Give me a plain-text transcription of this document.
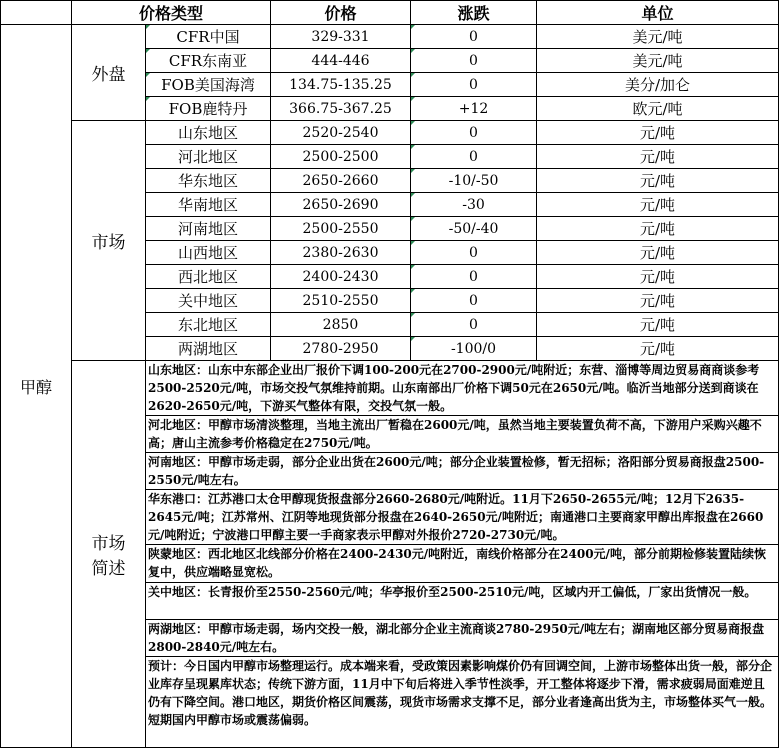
	价格类型		价格	涨跌	单位
甲醇	外盘	CFR中国	329-331	0	美元/吨
		CFR东南亚	444-446	0	美元/吨
		FOB美国海湾	134.75-135.25	0	美分/加仑
		FOB鹿特丹	366.75-367.25	+12	欧元/吨
	市场	山东地区	2520-2540	0	元/吨
		河北地区	2500-2500	0	元/吨
		华东地区	2650-2660	-10/-50	元/吨
		华南地区	2650-2690	-30	元/吨
		河南地区	2500-2550	-50/-40	元/吨
		山西地区	2380-2630	0	元/吨
		西北地区	2400-2430	0	元/吨
		关中地区	2510-2550	0	元/吨
		东北地区	2850	0	元/吨
		两湖地区	2780-2950	-100/0	元/吨
	市场
简述	山东地区：山东中东部企业出厂报价下调100-200元在2700-2900元/吨附近；东营、淄博等周边贸易商商谈参考2500-2520元/吨，市场交投气氛维持前期。山东南部出厂价格下调50元在2650元/吨。临沂当地部分送到商谈在2620-2650元/吨，下游买气整体有限，交投气氛一般。			
		河北地区：甲醇市场清淡整理，当地主流出厂暂稳在2600元/吨，虽然当地主要装置负荷不高，下游用户采购兴趣不高；唐山主流参考价格稳定在2750元/吨。			
		河南地区：甲醇市场走弱，部分企业出货在2600元/吨；部分企业装置检修，暂无招标；洛阳部分贸易商报盘2500-2550元/吨左右。			
		华东港口：江苏港口太仓甲醇现货报盘部分2660-2680元/吨附近。11月下2650-2655元/吨；12月下2635-2645元/吨；江苏常州、江阴等地现货部分报盘在2640-2650元/吨附近；南通港口主要商家甲醇出库报盘在2660元/吨附近；宁波港口甲醇主要一手商家表示甲醇对外报价2720-2730元/吨。			
		陕蒙地区：西北地区北线部分价格在2400-2430元/吨附近，南线价格部分在2400元/吨，部分前期检修装置陆续恢复中，供应端略显宽松。			
		关中地区：长青报价至2550-2560元/吨；华亭报价至2500-2510元/吨，区域内开工偏低，厂家出货情况一般。			
		两湖地区：甲醇市场走弱，场内交投一般，湖北部分企业主流商谈2780-2950元/吨左右；湖南地区部分贸易商报盘2800-2840元/吨左右。			
		预计：今日国内甲醇市场整理运行。成本端来看，受政策因素影响煤价仍有回调空间，上游市场整体出货一般，部分企业库存呈现累库状态；传统下游方面，11月中下旬后将进入季节性淡季，开工整体将逐步下滑，需求疲弱局面难逆且仍有下降空间。港口地区，期货价格区间震荡，现货市场需求支撑不足，部分业者逢高出货为主，市场整体买气一般。短期国内甲醇市场或震荡偏弱。			
